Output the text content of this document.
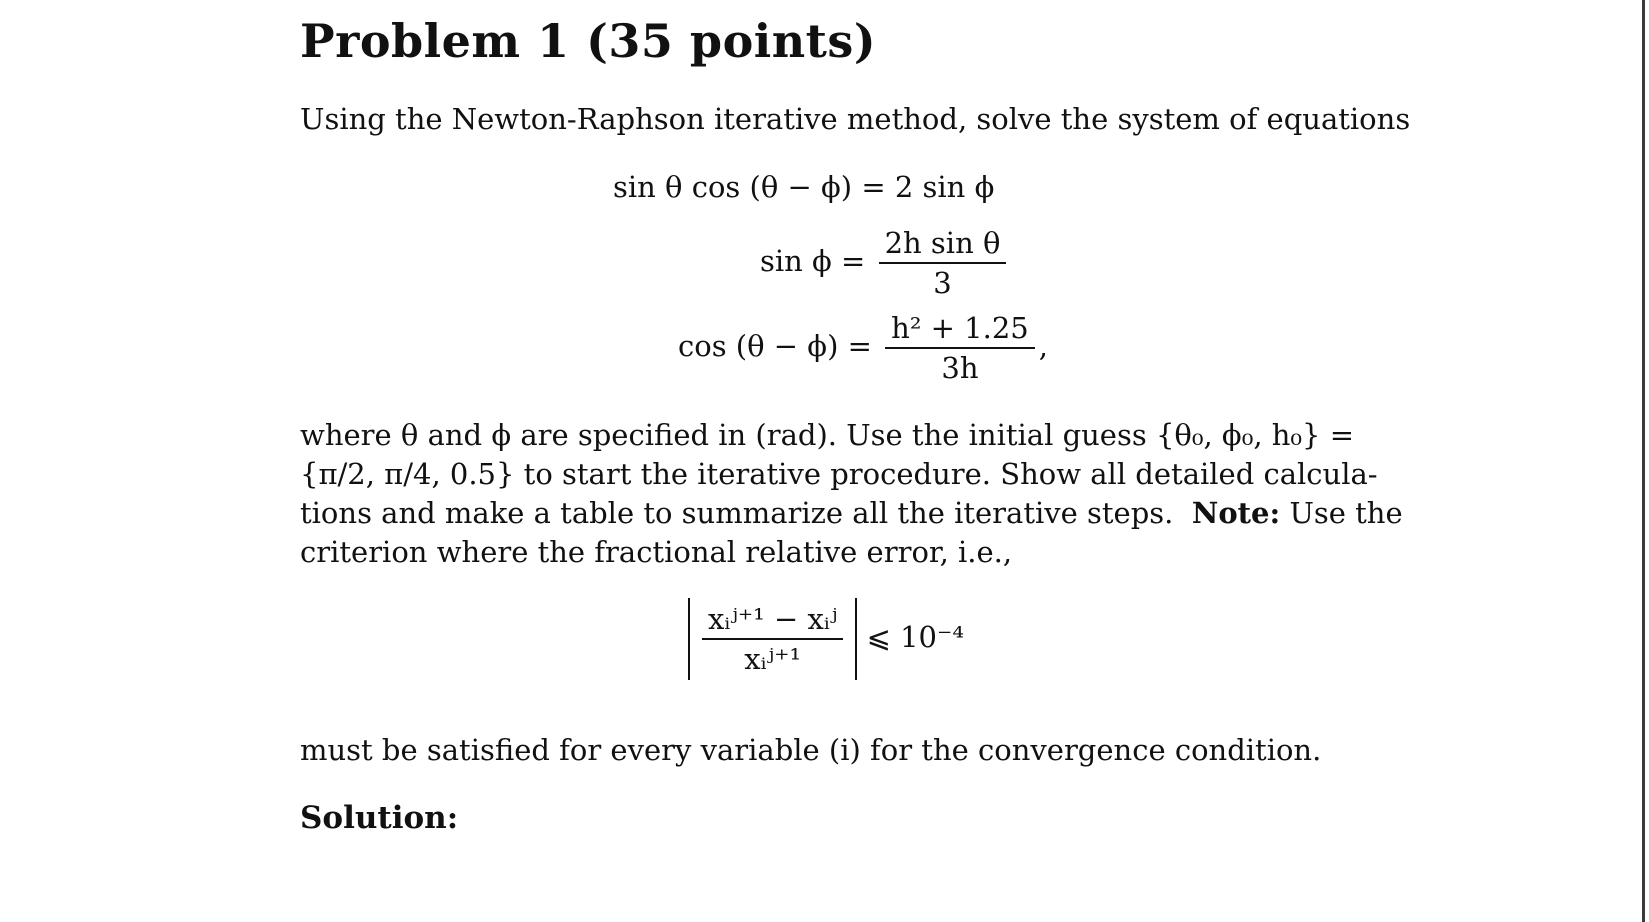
Problem 1 (35 points)
Using the Newton-Raphson iterative method, solve the system of equations
sin θ cos (θ − ϕ) = 2 sin ϕ
$\sin \phi = \frac{\text{2h sin θ}}{3}$
$\cos (\theta - \phi) = \frac{\text{h² + 1.25}}{3h}$ ,
where θ and ϕ are specified in (rad). Use the initial guess {θ₀, ϕ₀, h₀} =
{π/2, π/4, 0.5} to start the iterative procedure. Show all detailed calcula-
tions and make a table to summarize all the iterative steps. Note: Use the
criterion where the fractional relative error, i.e.,
$\frac{\text{xᵢʲ⁺¹ − xᵢʲ}}{\text{xᵢʲ⁺¹}}$ ⩽ 10⁻⁴
must be satisfied for every variable (i) for the convergence condition.
Solution:
